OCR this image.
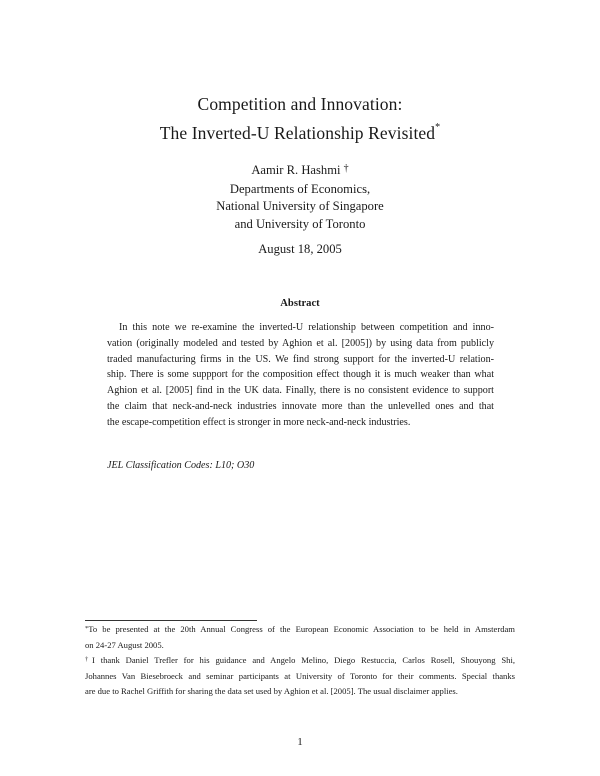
Competition and Innovation:
The Inverted-U Relationship Revisited*
Aamir R. Hashmi †
Departments of Economics,
National University of Singapore
and University of Toronto
August 18, 2005
Abstract
In this note we re-examine the inverted-U relationship between competition and inno-
vation (originally modeled and tested by Aghion et al. [2005]) by using data from publicly
traded manufacturing firms in the US. We find strong support for the inverted-U relation-
ship. There is some suppport for the composition effect though it is much weaker than what
Aghion et al. [2005] find in the UK data. Finally, there is no consistent evidence to support
the claim that neck-and-neck industries innovate more than the unlevelled ones and that
the escape-competition effect is stronger in more neck-and-neck industries.
JEL Classification Codes: L10; O30
*To be presented at the 20th Annual Congress of the European Economic Association to be held in Amsterdam
on 24-27 August 2005.
†I thank Daniel Trefler for his guidance and Angelo Melino, Diego Restuccia, Carlos Rosell, Shouyong Shi,
Johannes Van Biesebroeck and seminar participants at University of Toronto for their comments. Special thanks
are due to Rachel Griffith for sharing the data set used by Aghion et al. [2005]. The usual disclaimer applies.
1
